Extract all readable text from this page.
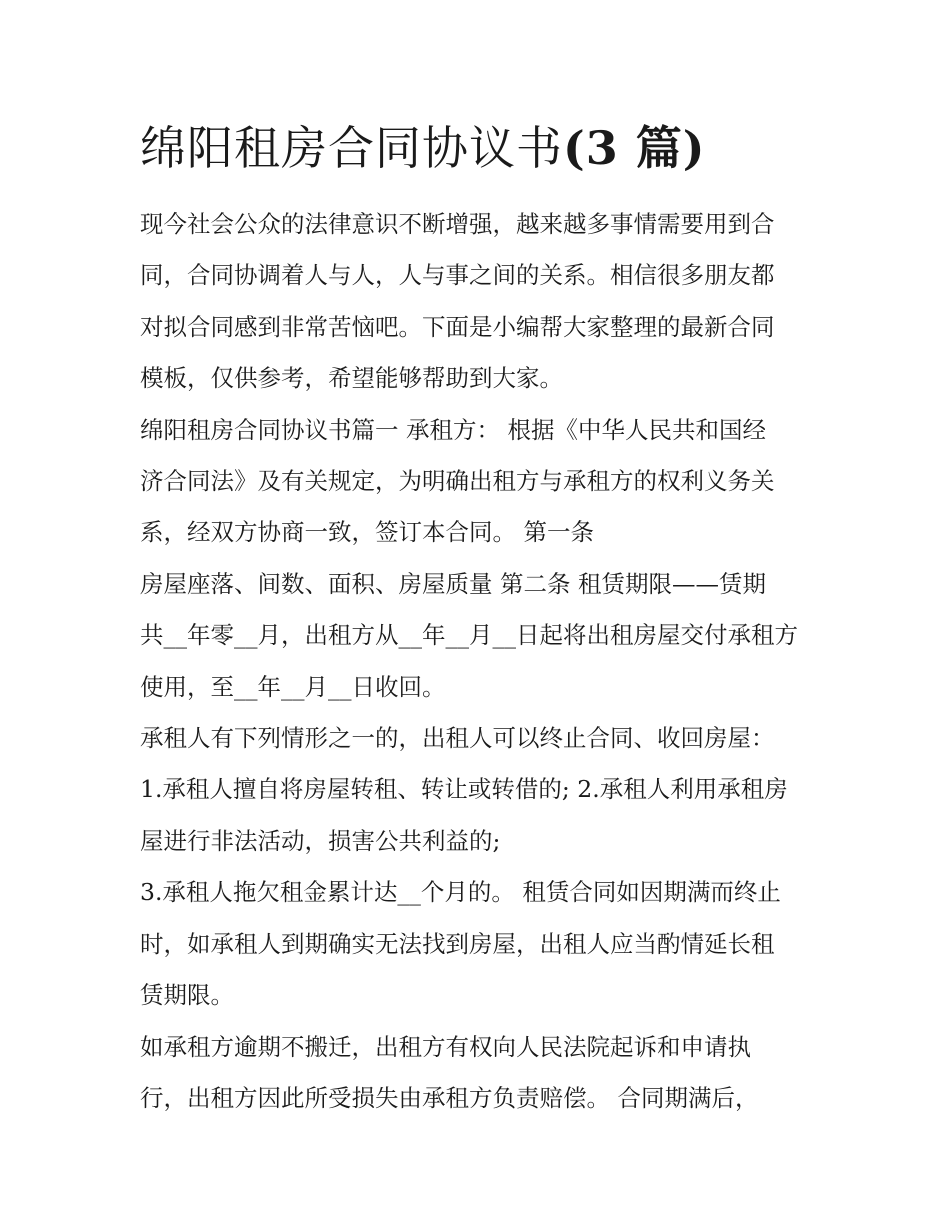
绵阳租房合同协议书(3 篇)

现今社会公众的法律意识不断增强，越来越多事情需要用到合

同，合同协调着人与人，人与事之间的关系。相信很多朋友都

对拟合同感到非常苦恼吧。下面是小编帮大家整理的最新合同

模板，仅供参考，希望能够帮助到大家。

绵阳租房合同协议书篇一 承租方： 根据《中华人民共和国经

济合同法》及有关规定，为明确出租方与承租方的权利义务关

系，经双方协商一致，签订本合同。 第一条

房屋座落、间数、面积、房屋质量 第二条 租赁期限——赁期

共__年零__月，出租方从__年__月__日起将出租房屋交付承租方

使用，至__年__月__日收回。

承租人有下列情形之一的，出租人可以终止合同、收回房屋：

1.承租人擅自将房屋转租、转让或转借的; 2.承租人利用承租房

屋进行非法活动，损害公共利益的;

3.承租人拖欠租金累计达__个月的。 租赁合同如因期满而终止

时，如承租人到期确实无法找到房屋，出租人应当酌情延长租

赁期限。

如承租方逾期不搬迁，出租方有权向人民法院起诉和申请执

行，出租方因此所受损失由承租方负责赔偿。 合同期满后，
